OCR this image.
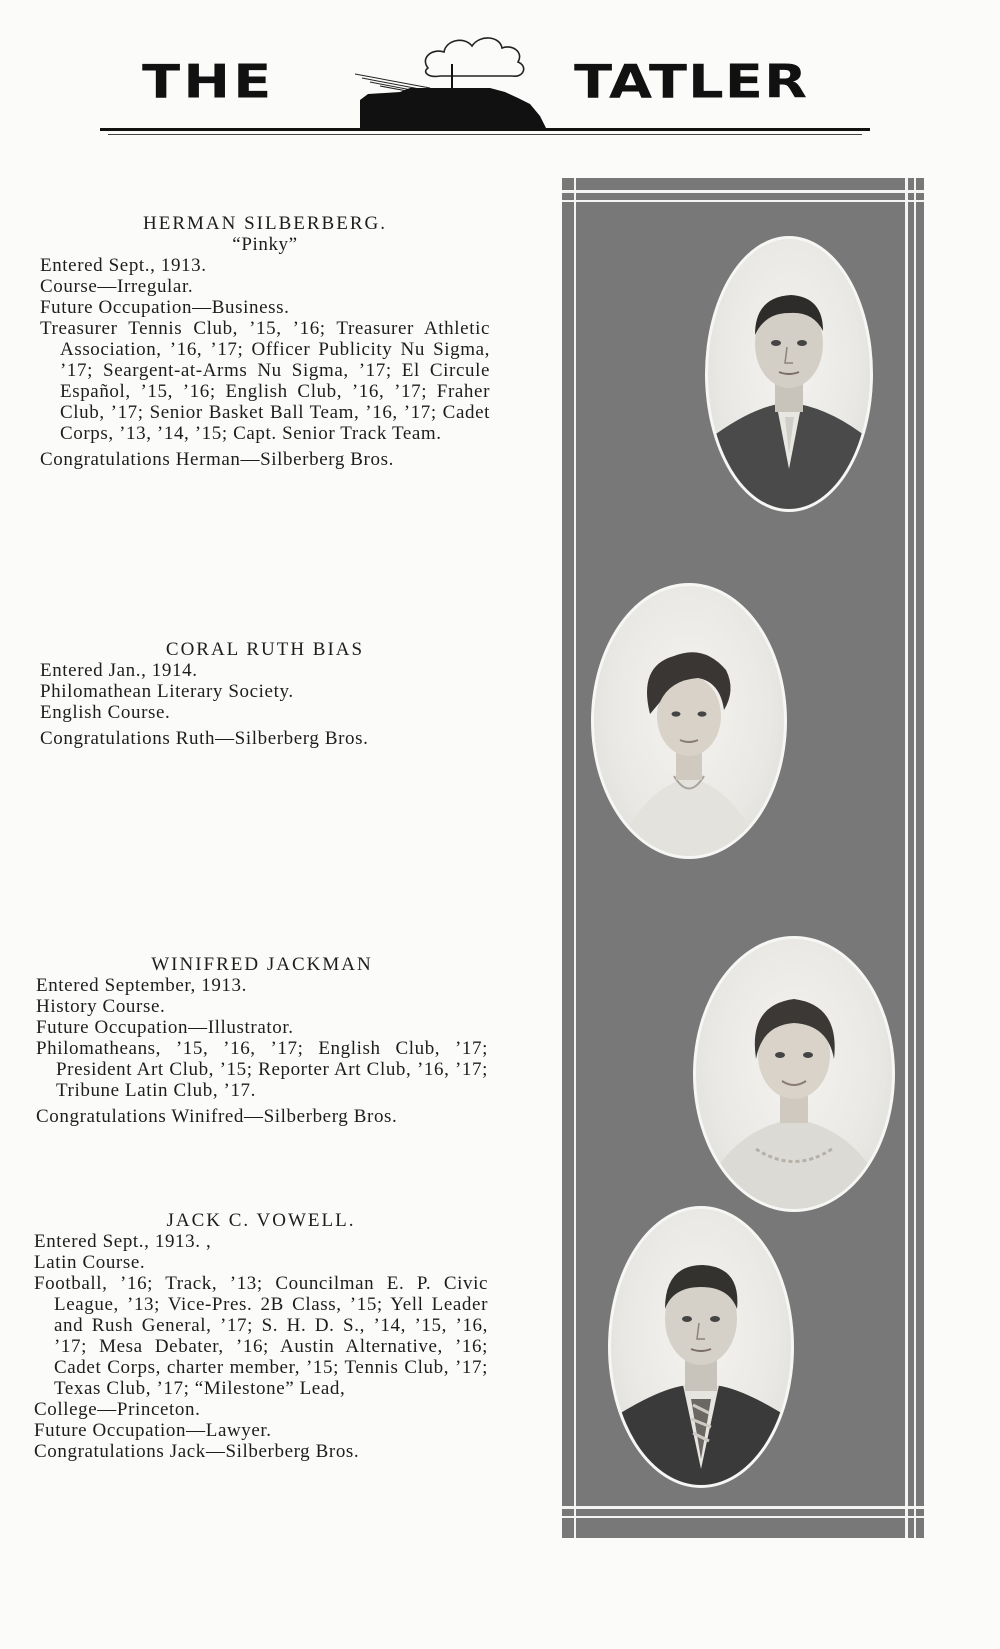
THE	TATLER

HERMAN SILBERBERG.

“Pinky”

Entered Sept., 1913.

Course—Irregular.

Future Occupation—Business.

Treasurer Tennis Club, ’15, ’16; Treasurer Athletic Association, ’16, ’17; Officer Publicity Nu Sigma, ’17; Seargent-at-Arms Nu Sigma, ’17; El Circule Español, ’15, ’16; English Club, ’16, ’17; Fraher Club, ’17; Senior Basket Ball Team, ’16, ’17; Cadet Corps, ’13, ’14, ’15; Capt. Senior Track Team.

Congratulations Herman—Silberberg Bros.

CORAL RUTH BIAS

Entered Jan., 1914.

Philomathean Literary Society.

English Course.

Congratulations Ruth—Silberberg Bros.

WINIFRED JACKMAN

Entered September, 1913.

History Course.

Future Occupation—Illustrator.

Philomatheans, ’15, ’16, ’17; English Club, ’17; President Art Club, ’15; Reporter Art Club, ’16, ’17; Tribune Latin Club, ’17.

Congratulations Winifred—Silberberg Bros.

JACK C. VOWELL.

Entered Sept., 1913. ,

Latin Course.

Football, ’16; Track, ’13; Councilman E. P. Civic League, ’13; Vice-Pres. 2B Class, ’15; Yell Leader and Rush General, ’17; S. H. D. S., ’14, ’15, ’16, ’17; Mesa Debater, ’16; Austin Alternative, ’16; Cadet Corps, charter member, ’15; Tennis Club, ’17; Texas Club, ’17; “Milestone” Lead,

College—Princeton.

Future Occupation—Lawyer.

Congratulations Jack—Silberberg Bros.
